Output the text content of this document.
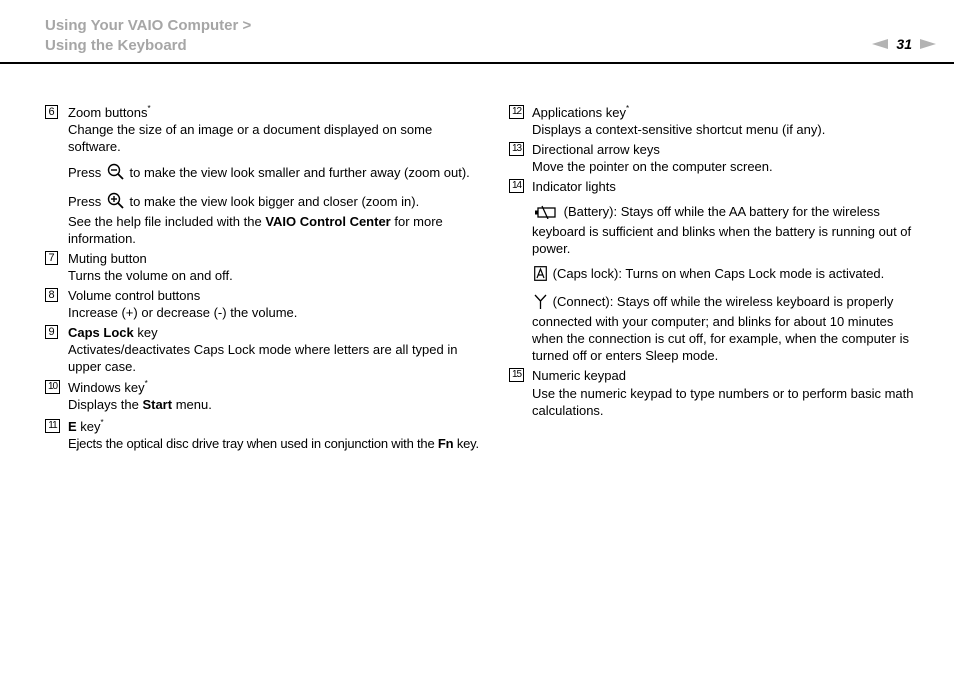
Using Your VAIO Computer >
Using the Keyboard	31
6 Zoom buttons*

Change the size of an image or a document displayed on some software.

Press to make the view look smaller and further away (zoom out).

Press to make the view look bigger and closer (zoom in).

See the help file included with the VAIO Control Center for more information.

7 Muting button

Turns the volume on and off.

8 Volume control buttons

Increase (+) or decrease (-) the volume.

9 Caps Lock key

Activates/deactivates Caps Lock mode where letters are all typed in upper case.

10 Windows key*

Displays the Start menu.

11 E key*

Ejects the optical disc drive tray when used in conjunction with the Fn key.

12 Applications key*

Displays a context-sensitive shortcut menu (if any).

13 Directional arrow keys

Move the pointer on the computer screen.

14 Indicator lights

(Battery): Stays off while the AA battery for the wireless keyboard is sufficient and blinks when the battery is running out of power.

(Caps lock): Turns on when Caps Lock mode is activated.

(Connect): Stays off while the wireless keyboard is properly connected with your computer; and blinks for about 10 minutes when the connection is cut off, for example, when the computer is turned off or enters Sleep mode.

15 Numeric keypad

Use the numeric keypad to type numbers or to perform basic math calculations.
